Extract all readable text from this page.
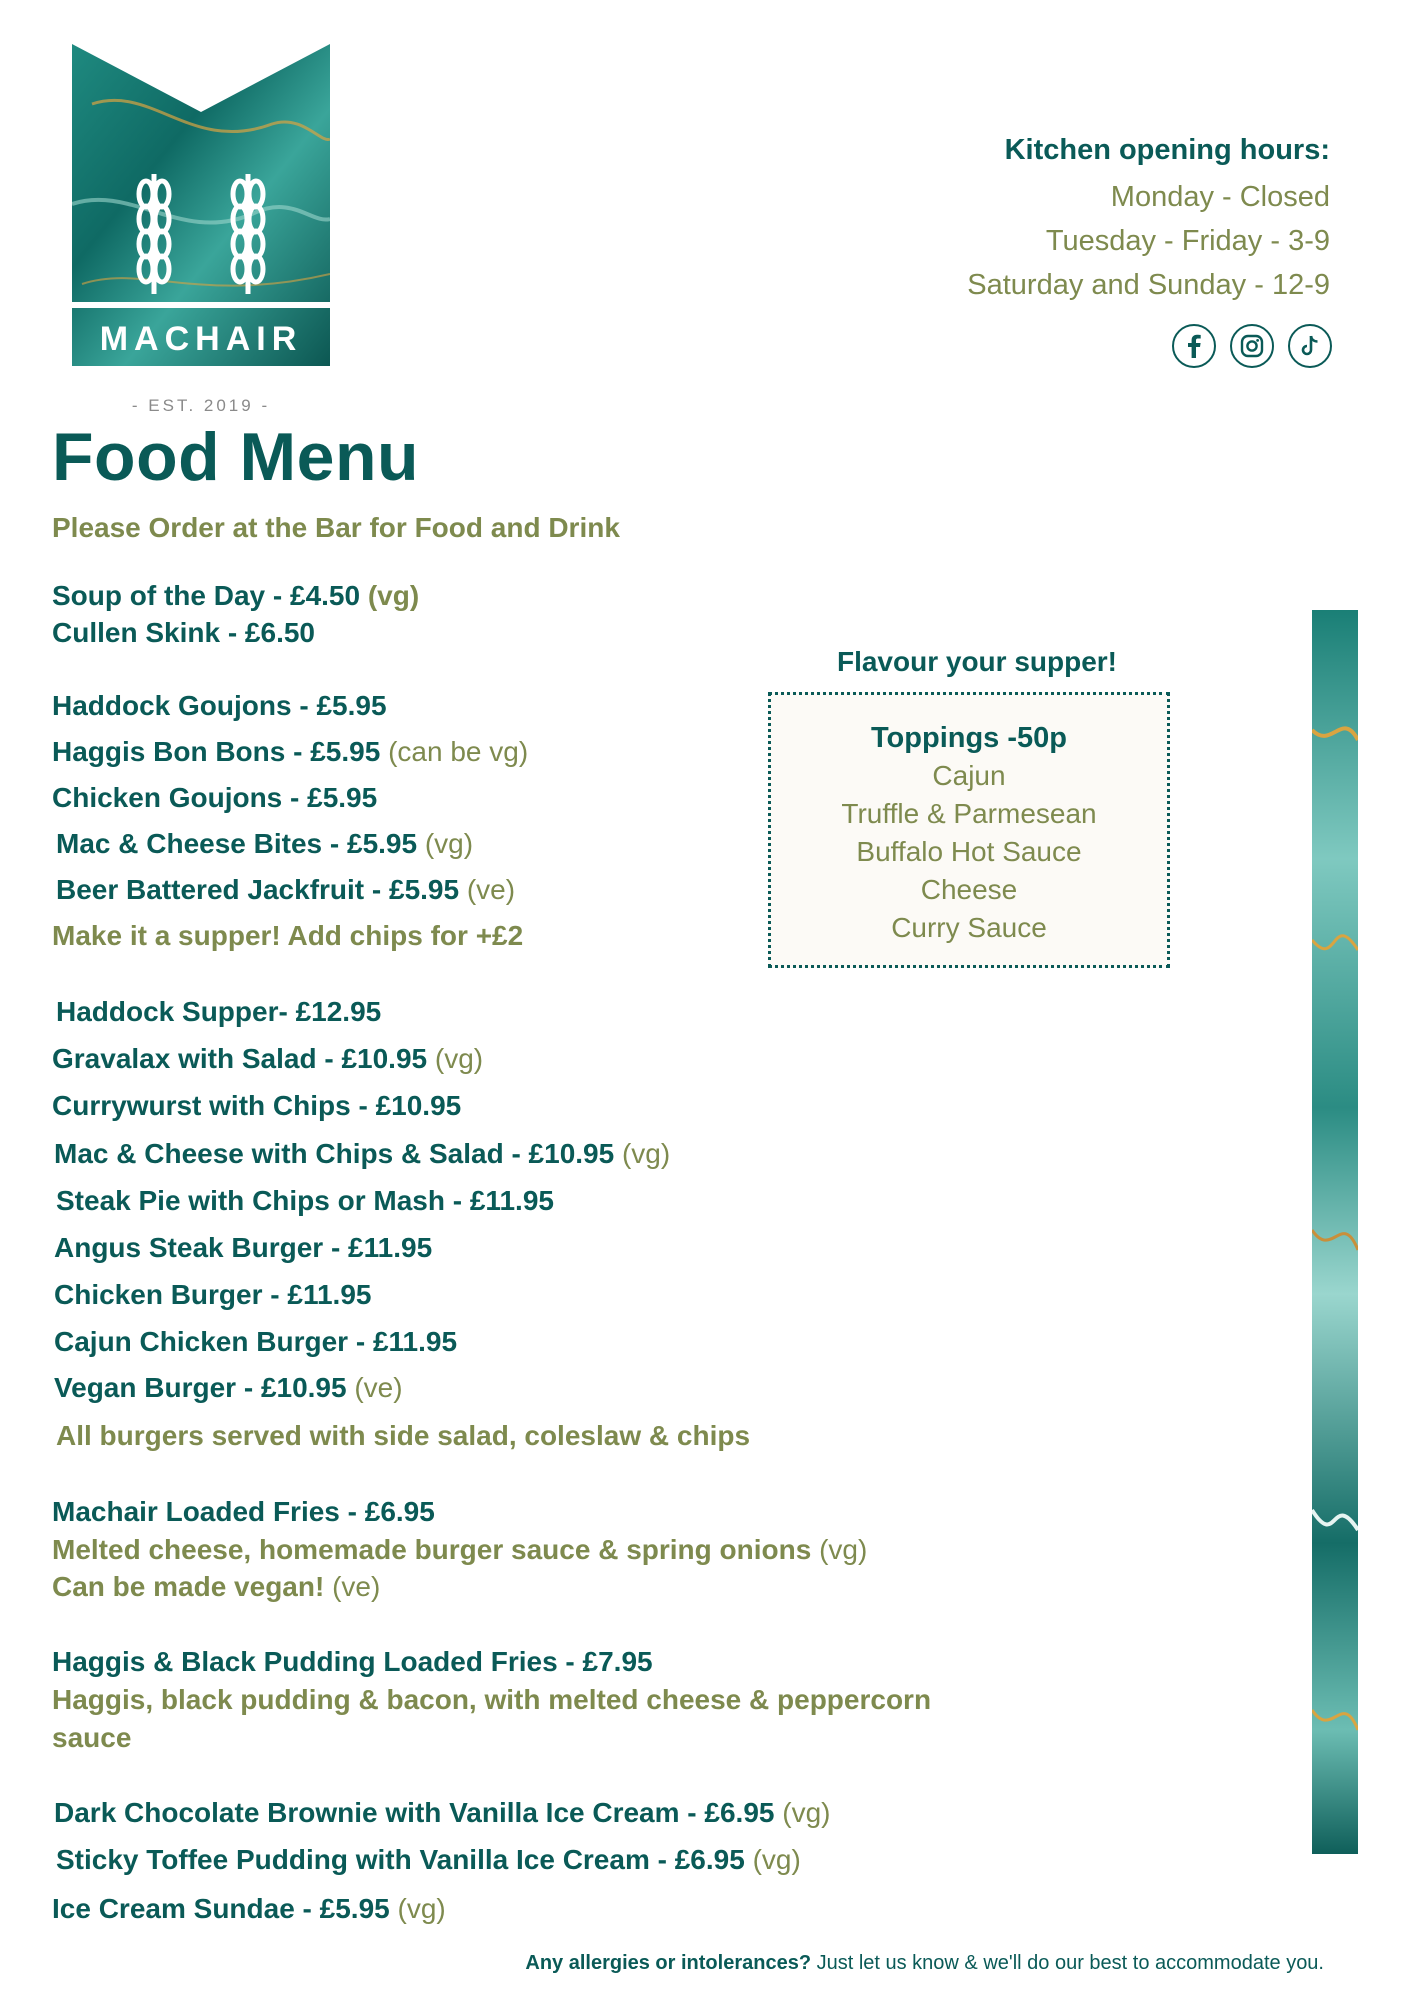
MACHAIR
- EST. 2019 -
Food Menu
Please Order at the Bar for Food and Drink
Kitchen opening hours:
Monday - Closed
Tuesday - Friday - 3-9
Saturday and Sunday - 12-9
Soup of the Day - £4.50 (vg)
Cullen Skink - £6.50
Haddock Goujons - £5.95
Haggis Bon Bons - £5.95 (can be vg)
Chicken Goujons - £5.95
Mac & Cheese Bites - £5.95 (vg)
Beer Battered Jackfruit - £5.95 (ve)
Make it a supper! Add chips for +£2
Flavour your supper!
Toppings -50p
Cajun
Truffle & Parmesean
Buffalo Hot Sauce
Cheese
Curry Sauce
Haddock Supper- £12.95
Gravalax with Salad - £10.95 (vg)
Currywurst with Chips - £10.95
Mac & Cheese with Chips & Salad - £10.95 (vg)
Steak Pie with Chips or Mash - £11.95
Angus Steak Burger - £11.95
Chicken Burger - £11.95
Cajun Chicken Burger - £11.95
Vegan Burger - £10.95 (ve)
All burgers served with side salad, coleslaw & chips
Machair Loaded Fries - £6.95
Melted cheese, homemade burger sauce & spring onions (vg)
Can be made vegan! (ve)
Haggis & Black Pudding Loaded Fries - £7.95
Haggis, black pudding & bacon, with melted cheese & peppercorn
sauce
Dark Chocolate Brownie with Vanilla Ice Cream - £6.95 (vg)
Sticky Toffee Pudding with Vanilla Ice Cream - £6.95 (vg)
Ice Cream Sundae - £5.95 (vg)
Any allergies or intolerances? Just let us know & we'll do our best to accommodate you.
